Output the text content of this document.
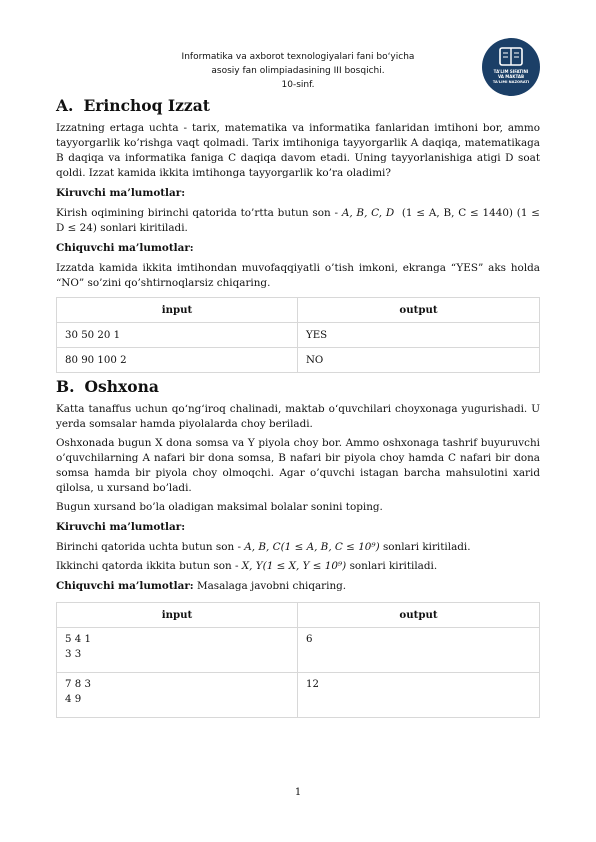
Informatika va axborot texnologiyalari fani bo‘yicha
asosiy fan olimpiadasining III bosqichi.
10-sinf.
TA'LIM SIFATINI
VA MAKTAB
TA'LIMI NAZORATI
A. Erinchoq Izzat

Izzatning ertaga uchta - tarix, matematika va informatika fanlaridan imtihoni bor, ammo tayyorgarlik ko’rishga vaqt qolmadi. Tarix imtihoniga tayyorgarlik A daqiqa, matematikaga B daqiqa va informatika faniga C daqiqa davom etadi. Uning tayyorlanishiga atigi D soat qoldi. Izzat kamida ikkita imtihonga tayyorgarlik ko’ra oladimi?

Kiruvchi ma’lumotlar:

Kirish oqimining birinchi qatorida to’rtta butun son - A, B, C, D (1 ≤ A, B, C ≤ 1440) (1 ≤ D ≤ 24) sonlari kiritiladi.

Chiquvchi ma’lumotlar:

Izzatda kamida ikkita imtihondan muvofaqqiyatli o’tish imkoni, ekranga “YES” aks holda “NO” so’zini qo’shtirnoqlarsiz chiqaring.

input	output
30 50 20 1	YES
80 90 100 2	NO
B. Oshxona

Katta tanaffus uchun qo‘ng‘iroq chalinadi, maktab o‘quvchilari choyxonaga yugurishadi. U yerda somsalar hamda piyolalarda choy beriladi.

Oshxonada bugun X dona somsa va Y piyola choy bor. Ammo oshxonaga tashrif buyuruvchi o’quvchilarning A nafari bir dona somsa, B nafari bir piyola choy hamda C nafari bir dona somsa hamda bir piyola choy olmoqchi. Agar o’quvchi istagan barcha mahsulotini xarid qilolsa, u xursand bo’ladi.

Bugun xursand bo’la oladigan maksimal bolalar sonini toping.

Kiruvchi ma’lumotlar:

Birinchi qatorida uchta butun son - A, B, C(1 ≤ A, B, C ≤ 10⁹) sonlari kiritiladi.

Ikkinchi qatorda ikkita butun son - X, Y(1 ≤ X, Y ≤ 10⁹) sonlari kiritiladi.

Chiquvchi ma’lumotlar: Masalaga javobni chiqaring.

input	output

5 4 1
3 3	6

7 8 3
4 9	12
1
